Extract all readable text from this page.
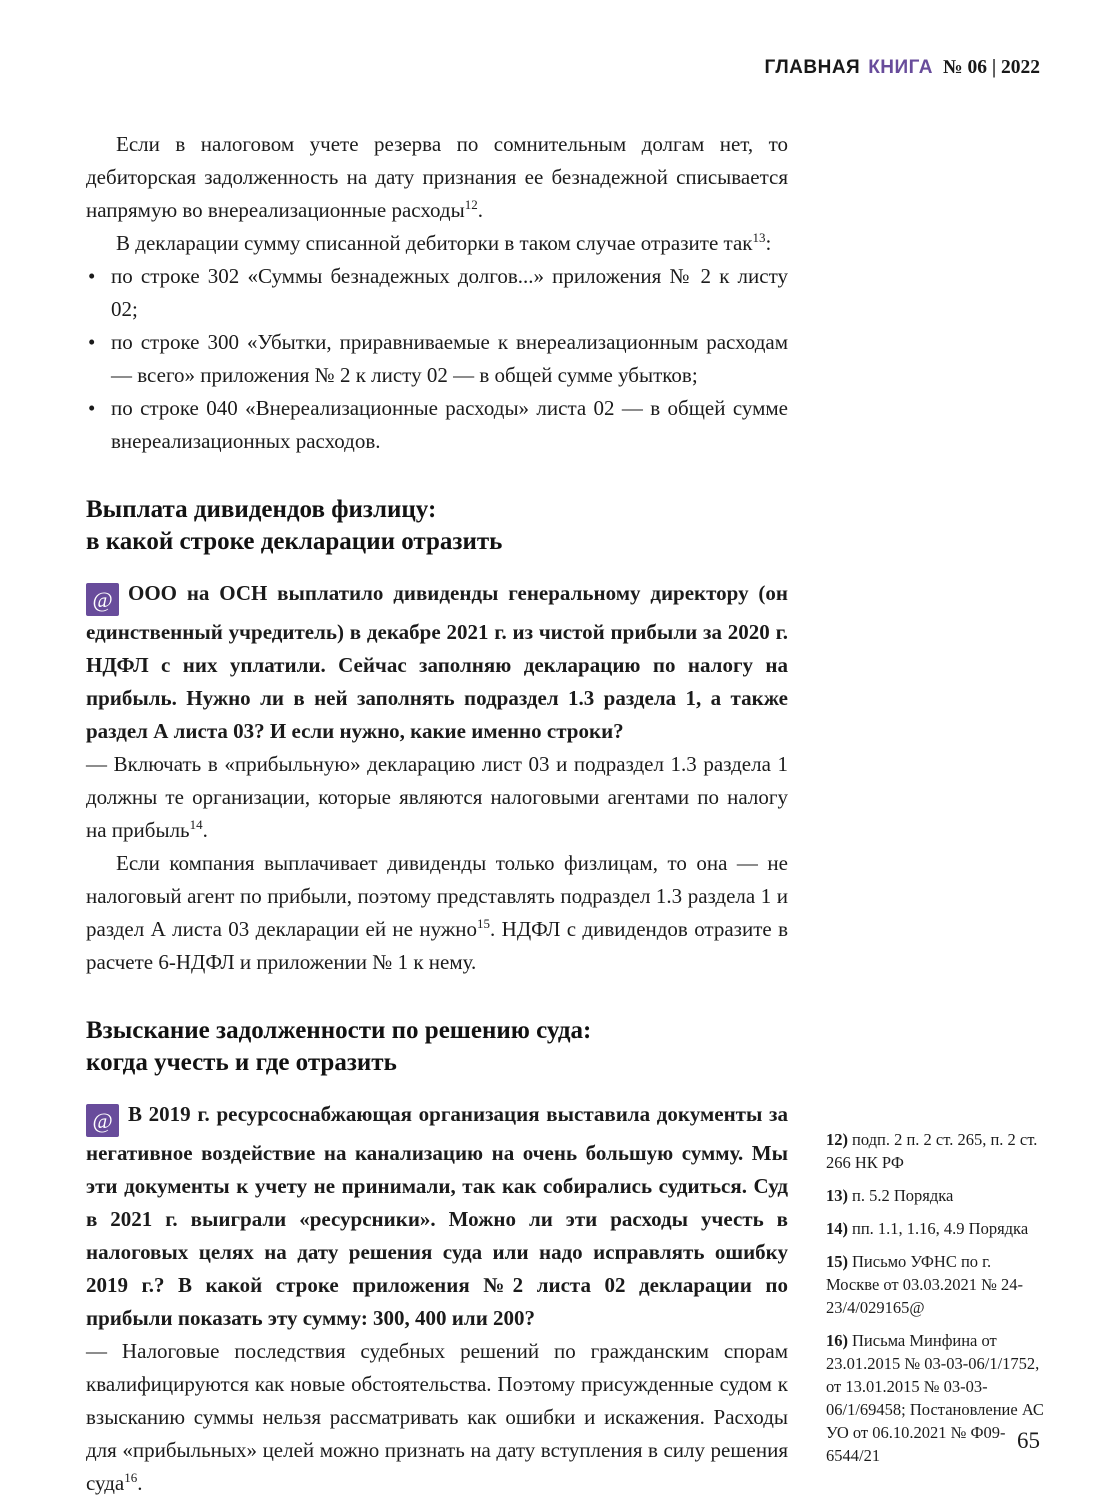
ГЛАВНАЯ КНИГА № 06 | 2022

Если в налоговом учете резерва по сомнительным долгам нет, то дебиторская задолженность на дату признания ее безнадежной списывается напрямую во внереализационные расходы$^{12}$.

В декларации сумму списанной дебиторки в таком случае отразите так$^{13}$:

• по строке 302 «Суммы безнадежных долгов...» приложения № 2 к листу 02;
• по строке 300 «Убытки, приравниваемые к внереализационным расходам — всего» приложения № 2 к листу 02 — в общей сумме убытков;
• по строке 040 «Внереализационные расходы» листа 02 — в общей сумме внереализационных расходов.
Выплата дивидендов физлицу:
в какой строке декларации отразить

@ ООО на ОСН выплатило дивиденды генеральному директору (он единственный учредитель) в декабре 2021 г. из чистой прибыли за 2020 г. НДФЛ с них уплатили. Сейчас заполняю декларацию по налогу на прибыль. Нужно ли в ней заполнять подраздел 1.3 раздела 1, а также раздел А листа 03? И если нужно, какие именно строки?

— Включать в «прибыльную» декларацию лист 03 и подраздел 1.3 раздела 1 должны те организации, которые являются налоговыми агентами по налогу на прибыль$^{14}$.

Если компания выплачивает дивиденды только физлицам, то она — не налоговый агент по прибыли, поэтому представлять подраздел 1.3 раздела 1 и раздел А листа 03 декларации ей не нужно$^{15}$. НДФЛ с дивидендов отразите в расчете 6-НДФЛ и приложении № 1 к нему.

Взыскание задолженности по решению суда:
когда учесть и где отразить

@ В 2019 г. ресурсоснабжающая организация выставила документы за негативное воздействие на канализацию на очень большую сумму. Мы эти документы к учету не принимали, так как собирались судиться. Суд в 2021 г. выиграли «ресурсники». Можно ли эти расходы учесть в налоговых целях на дату решения суда или надо исправлять ошибку 2019 г.? В какой строке приложения №2 листа 02 декларации по прибыли показать эту сумму: 300, 400 или 200?

— Налоговые последствия судебных решений по гражданским спорам квалифицируются как новые обстоятельства. Поэтому присужденные судом к взысканию суммы нельзя рассматривать как ошибки и искажения. Расходы для «прибыльных» целей можно признать на дату вступления в силу решения суда$^{16}$.

12) подп. 2 п. 2 ст. 265, п. 2 ст. 266 НК РФ
13) п. 5.2 Порядка
14) пп. 1.1, 1.16, 4.9 Порядка
15) Письмо УФНС по г. Москве от 03.03.2021 № 24-23/4/029165@
16) Письма Минфина от 23.01.2015 № 03-03-06/1/1752, от 13.01.2015 № 03-03-06/1/69458; Постановление АС УО от 06.10.2021 № Ф09-6544/21
65
